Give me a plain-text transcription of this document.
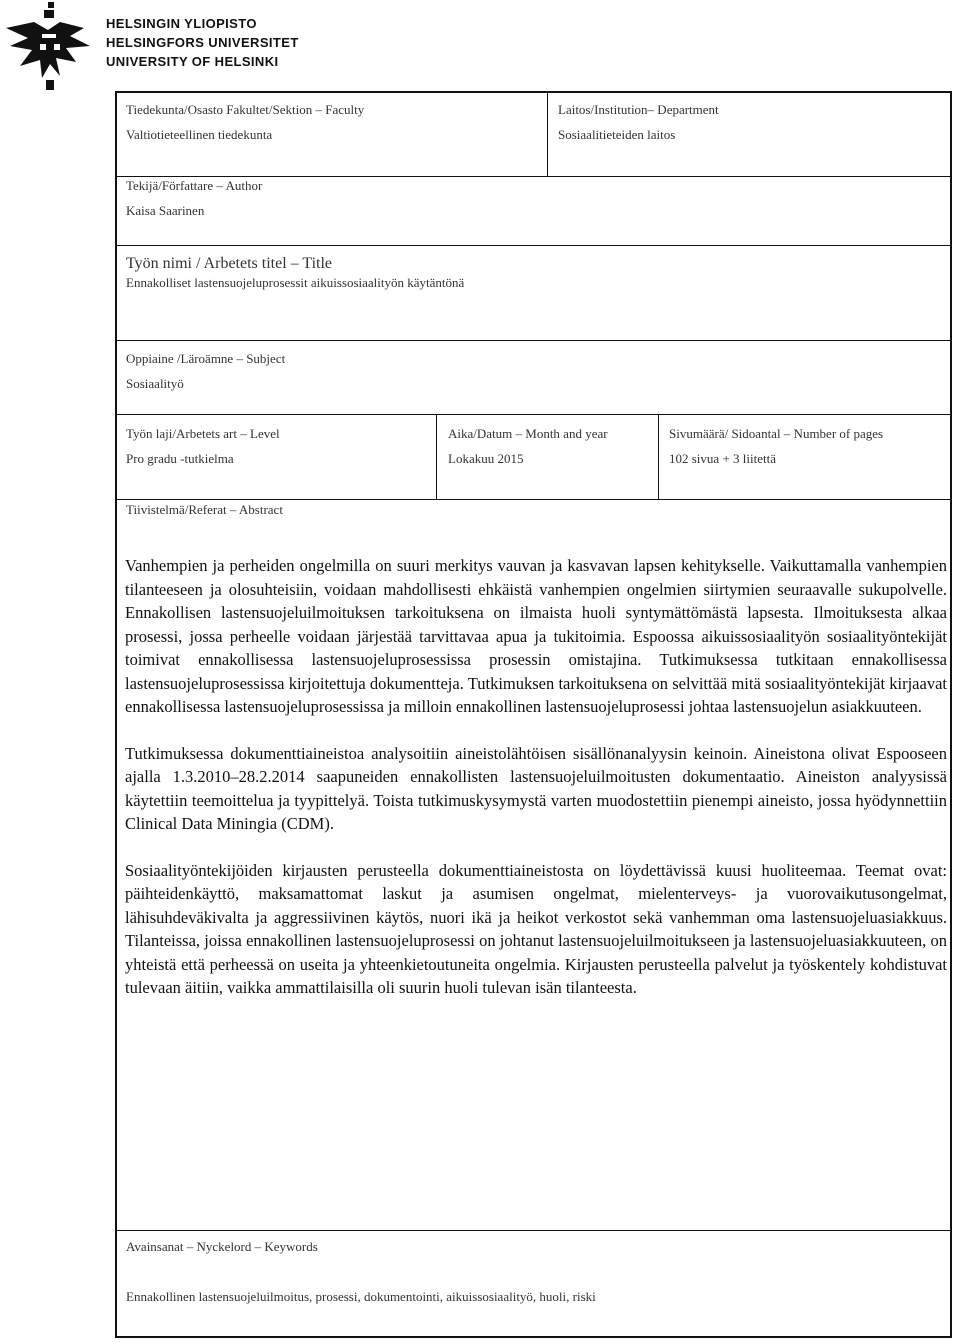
HELSINGIN YLIOPISTO
HELSINGFORS UNIVERSITET
UNIVERSITY OF HELSINKI
Tiedekunta/Osasto Fakultet/Sektion – Faculty
Valtiotieteellinen tiedekunta
Laitos/Institution– Department
Sosiaalitieteiden laitos
Tekijä/Författare – Author
Kaisa Saarinen
Työn nimi / Arbetets titel – Title
Ennakolliset lastensuojeluprosessit aikuissosiaalityön käytäntönä
Oppiaine /Läroämne – Subject
Sosiaalityö
Työn laji/Arbetets art – Level
Pro gradu -tutkielma
Aika/Datum – Month and year
Lokakuu 2015
Sivumäärä/ Sidoantal – Number of pages
102 sivua + 3 liitettä
Tiivistelmä/Referat – Abstract

Vanhempien ja perheiden ongelmilla on suuri merkitys vauvan ja kasvavan lapsen kehitykselle. Vaikuttamalla vanhempien tilanteeseen ja olosuhteisiin, voidaan mahdollisesti ehkäistä vanhempien ongelmien siirtymien seuraavalle sukupolvelle. Ennakollisen lastensuojeluilmoituksen tarkoituksena on ilmaista huoli syntymättömästä lapsesta. Ilmoituksesta alkaa prosessi, jossa perheelle voidaan järjestää tarvittavaa apua ja tukitoimia. Espoossa aikuissosiaalityön sosiaalityöntekijät toimivat ennakollisessa lastensuojeluprosessissa prosessin omistajina. Tutkimuksessa tutkitaan ennakollisessa lastensuojeluprosessissa kirjoitettuja dokumentteja. Tutkimuksen tarkoituksena on selvittää mitä sosiaalityöntekijät kirjaavat ennakollisessa lastensuojeluprosessissa ja milloin ennakollinen lastensuojeluprosessi johtaa lastensuojelun asiakkuuteen.

Tutkimuksessa dokumenttiaineistoa analysoitiin aineistolähtöisen sisällönanalyysin keinoin. Aineistona olivat Espooseen ajalla 1.3.2010–28.2.2014 saapuneiden ennakollisten lastensuojeluilmoitusten dokumentaatio. Aineiston analyysissä käytettiin teemoittelua ja tyypittelyä. Toista tutkimuskysymystä varten muodostettiin pienempi aineisto, jossa hyödynnettiin Clinical Data Miningia (CDM).

Sosiaalityöntekijöiden kirjausten perusteella dokumenttiaineistosta on löydettävissä kuusi huoliteemaa. Teemat ovat: päihteidenkäyttö, maksamattomat laskut ja asumisen ongelmat, mielenterveys- ja vuorovaikutusongelmat, lähisuhdeväkivalta ja aggressiivinen käytös, nuori ikä ja heikot verkostot sekä vanhemman oma lastensuojeluasiakkuus. Tilanteissa, joissa ennakollinen lastensuojeluprosessi on johtanut lastensuojeluilmoitukseen ja lastensuojeluasiakkuuteen, on yhteistä että perheessä on useita ja yhteenkietoutuneita ongelmia. Kirjausten perusteella palvelut ja työskentely kohdistuvat tulevaan äitiin, vaikka ammattilaisilla oli suurin huoli tulevan isän tilanteesta.

Avainsanat – Nyckelord – Keywords
Ennakollinen lastensuojeluilmoitus, prosessi, dokumentointi, aikuissosiaalityö, huoli, riski
